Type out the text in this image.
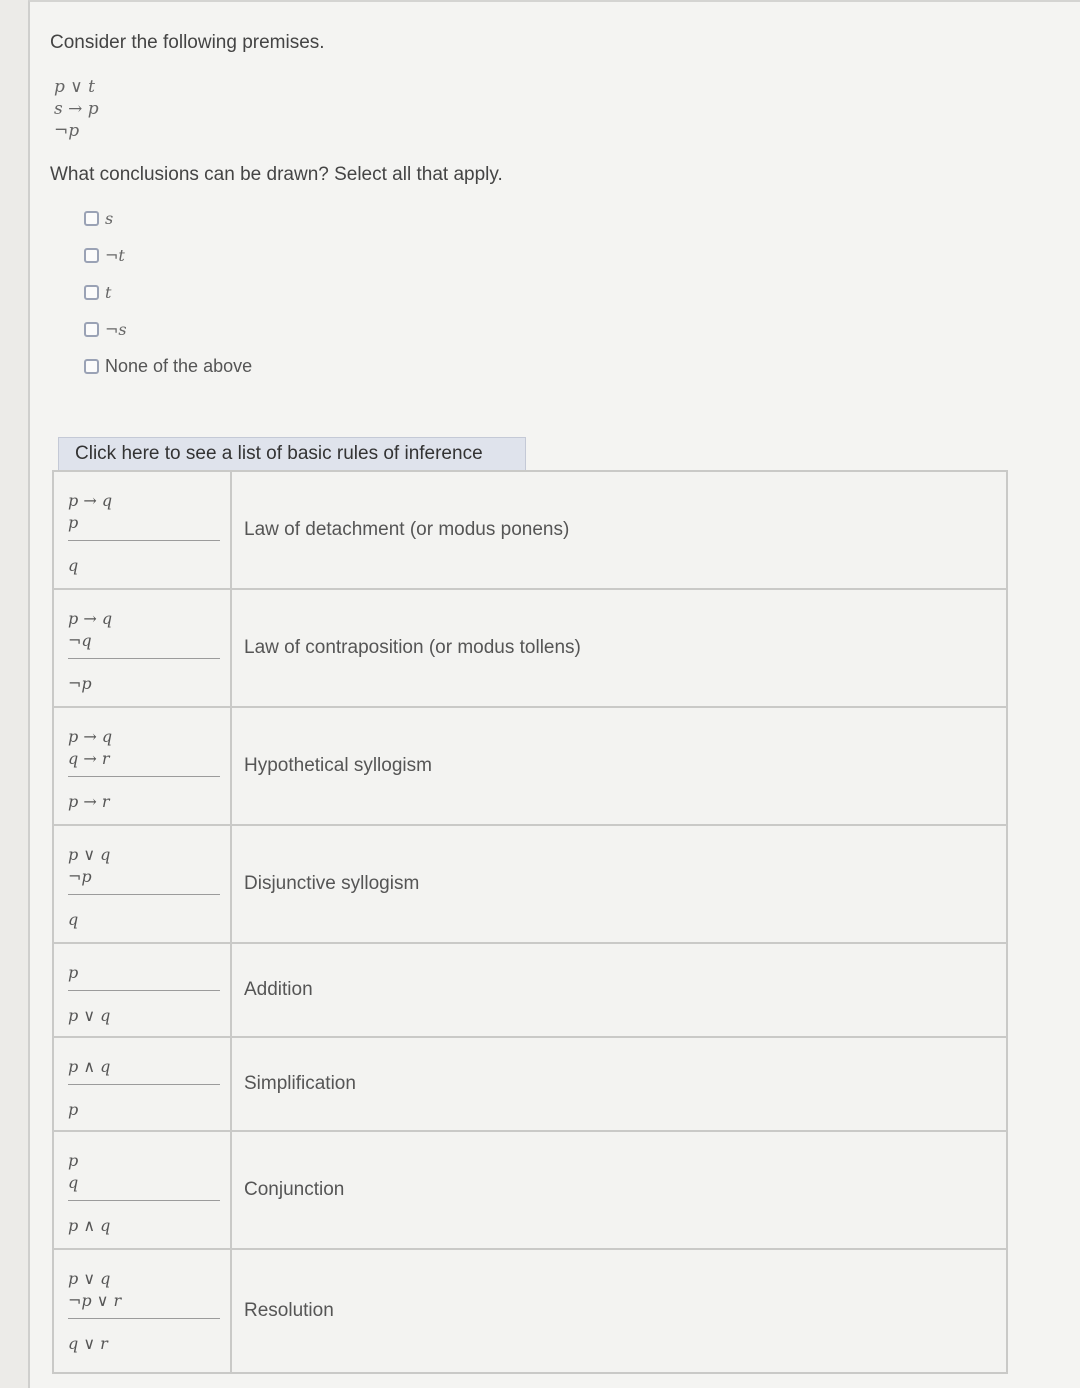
Consider the following premises.
p ∨ t
s → p
¬p
What conclusions can be drawn? Select all that apply.
s
¬t
t
¬s
None of the above
Click here to see a list of basic rules of inference
p → q
p
q
Law of detachment (or modus ponens)
p → q
¬q
¬p
Law of contraposition (or modus tollens)
p → q
q → r
p → r
Hypothetical syllogism
p ∨ q
¬p
q
Disjunctive syllogism
p
p ∨ q
Addition
p ∧ q
p
Simplification
p
q
p ∧ q
Conjunction
p ∨ q
¬p ∨ r
q ∨ r
Resolution
